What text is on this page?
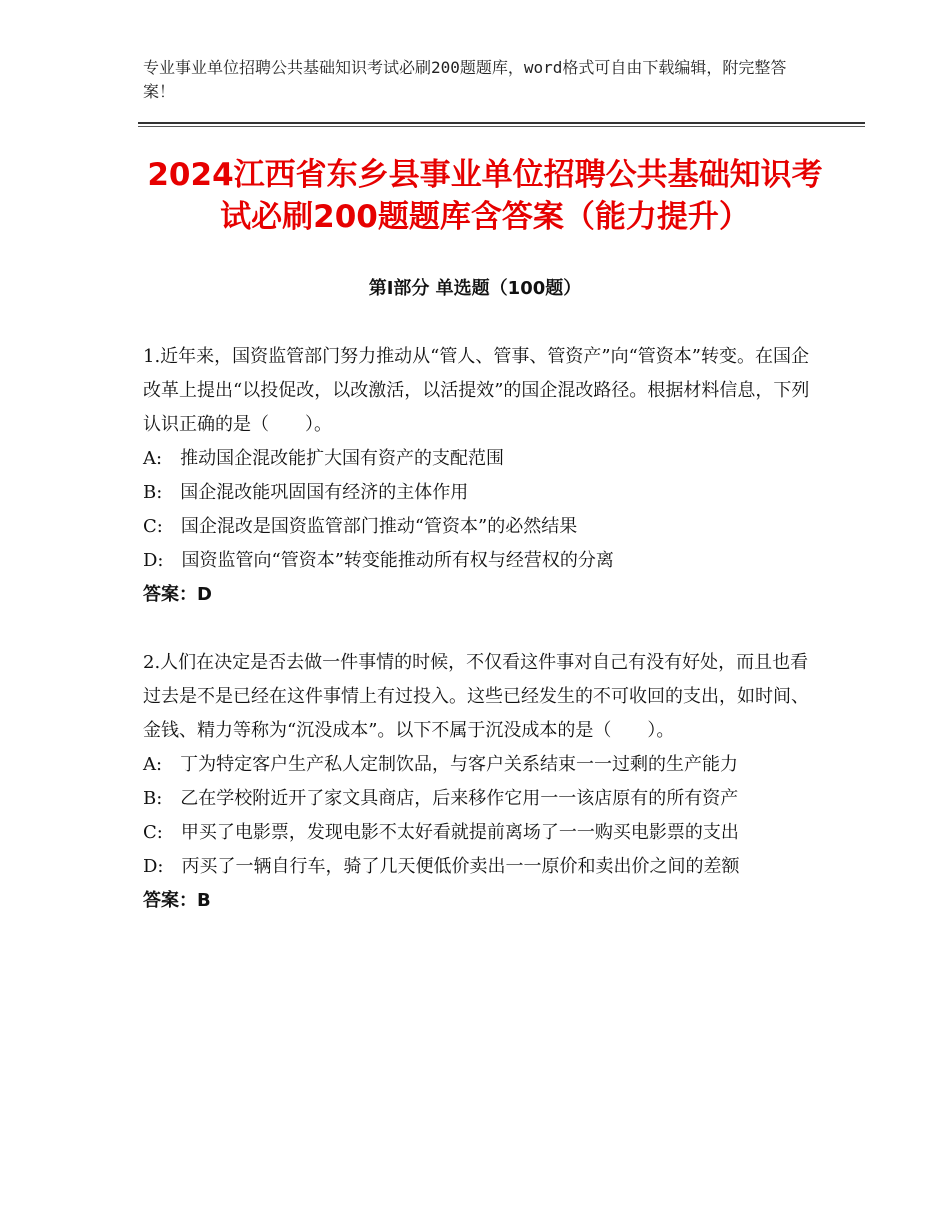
专业事业单位招聘公共基础知识考试必刷200题题库，word格式可自由下载编辑，附完整答案！
2024江西省东乡县事业单位招聘公共基础知识考试必刷200题题库含答案（能力提升）
第Ⅰ部分 单选题（100题）
1.近年来，国资监管部门努力推动从“管人、管事、管资产”向“管资本”转变。在国企改革上提出“以投促改，以改激活，以活提效”的国企混改路径。根据材料信息，下列认识正确的是（　　）。
A:　推动国企混改能扩大国有资产的支配范围
B:　国企混改能巩固国有经济的主体作用
C:　国企混改是国资监管部门推动“管资本”的必然结果
D:　国资监管向“管资本”转变能推动所有权与经营权的分离
答案：D
2.人们在决定是否去做一件事情的时候，不仅看这件事对自己有没有好处，而且也看过去是不是已经在这件事情上有过投入。这些已经发生的不可收回的支出，如时间、金钱、精力等称为“沉没成本”。以下不属于沉没成本的是（　　）。
A:　丁为特定客户生产私人定制饮品，与客户关系结束一一过剩的生产能力
B:　乙在学校附近开了家文具商店，后来移作它用一一该店原有的所有资产
C:　甲买了电影票，发现电影不太好看就提前离场了一一购买电影票的支出
D:　丙买了一辆自行车，骑了几天便低价卖出一一原价和卖出价之间的差额
答案：B
